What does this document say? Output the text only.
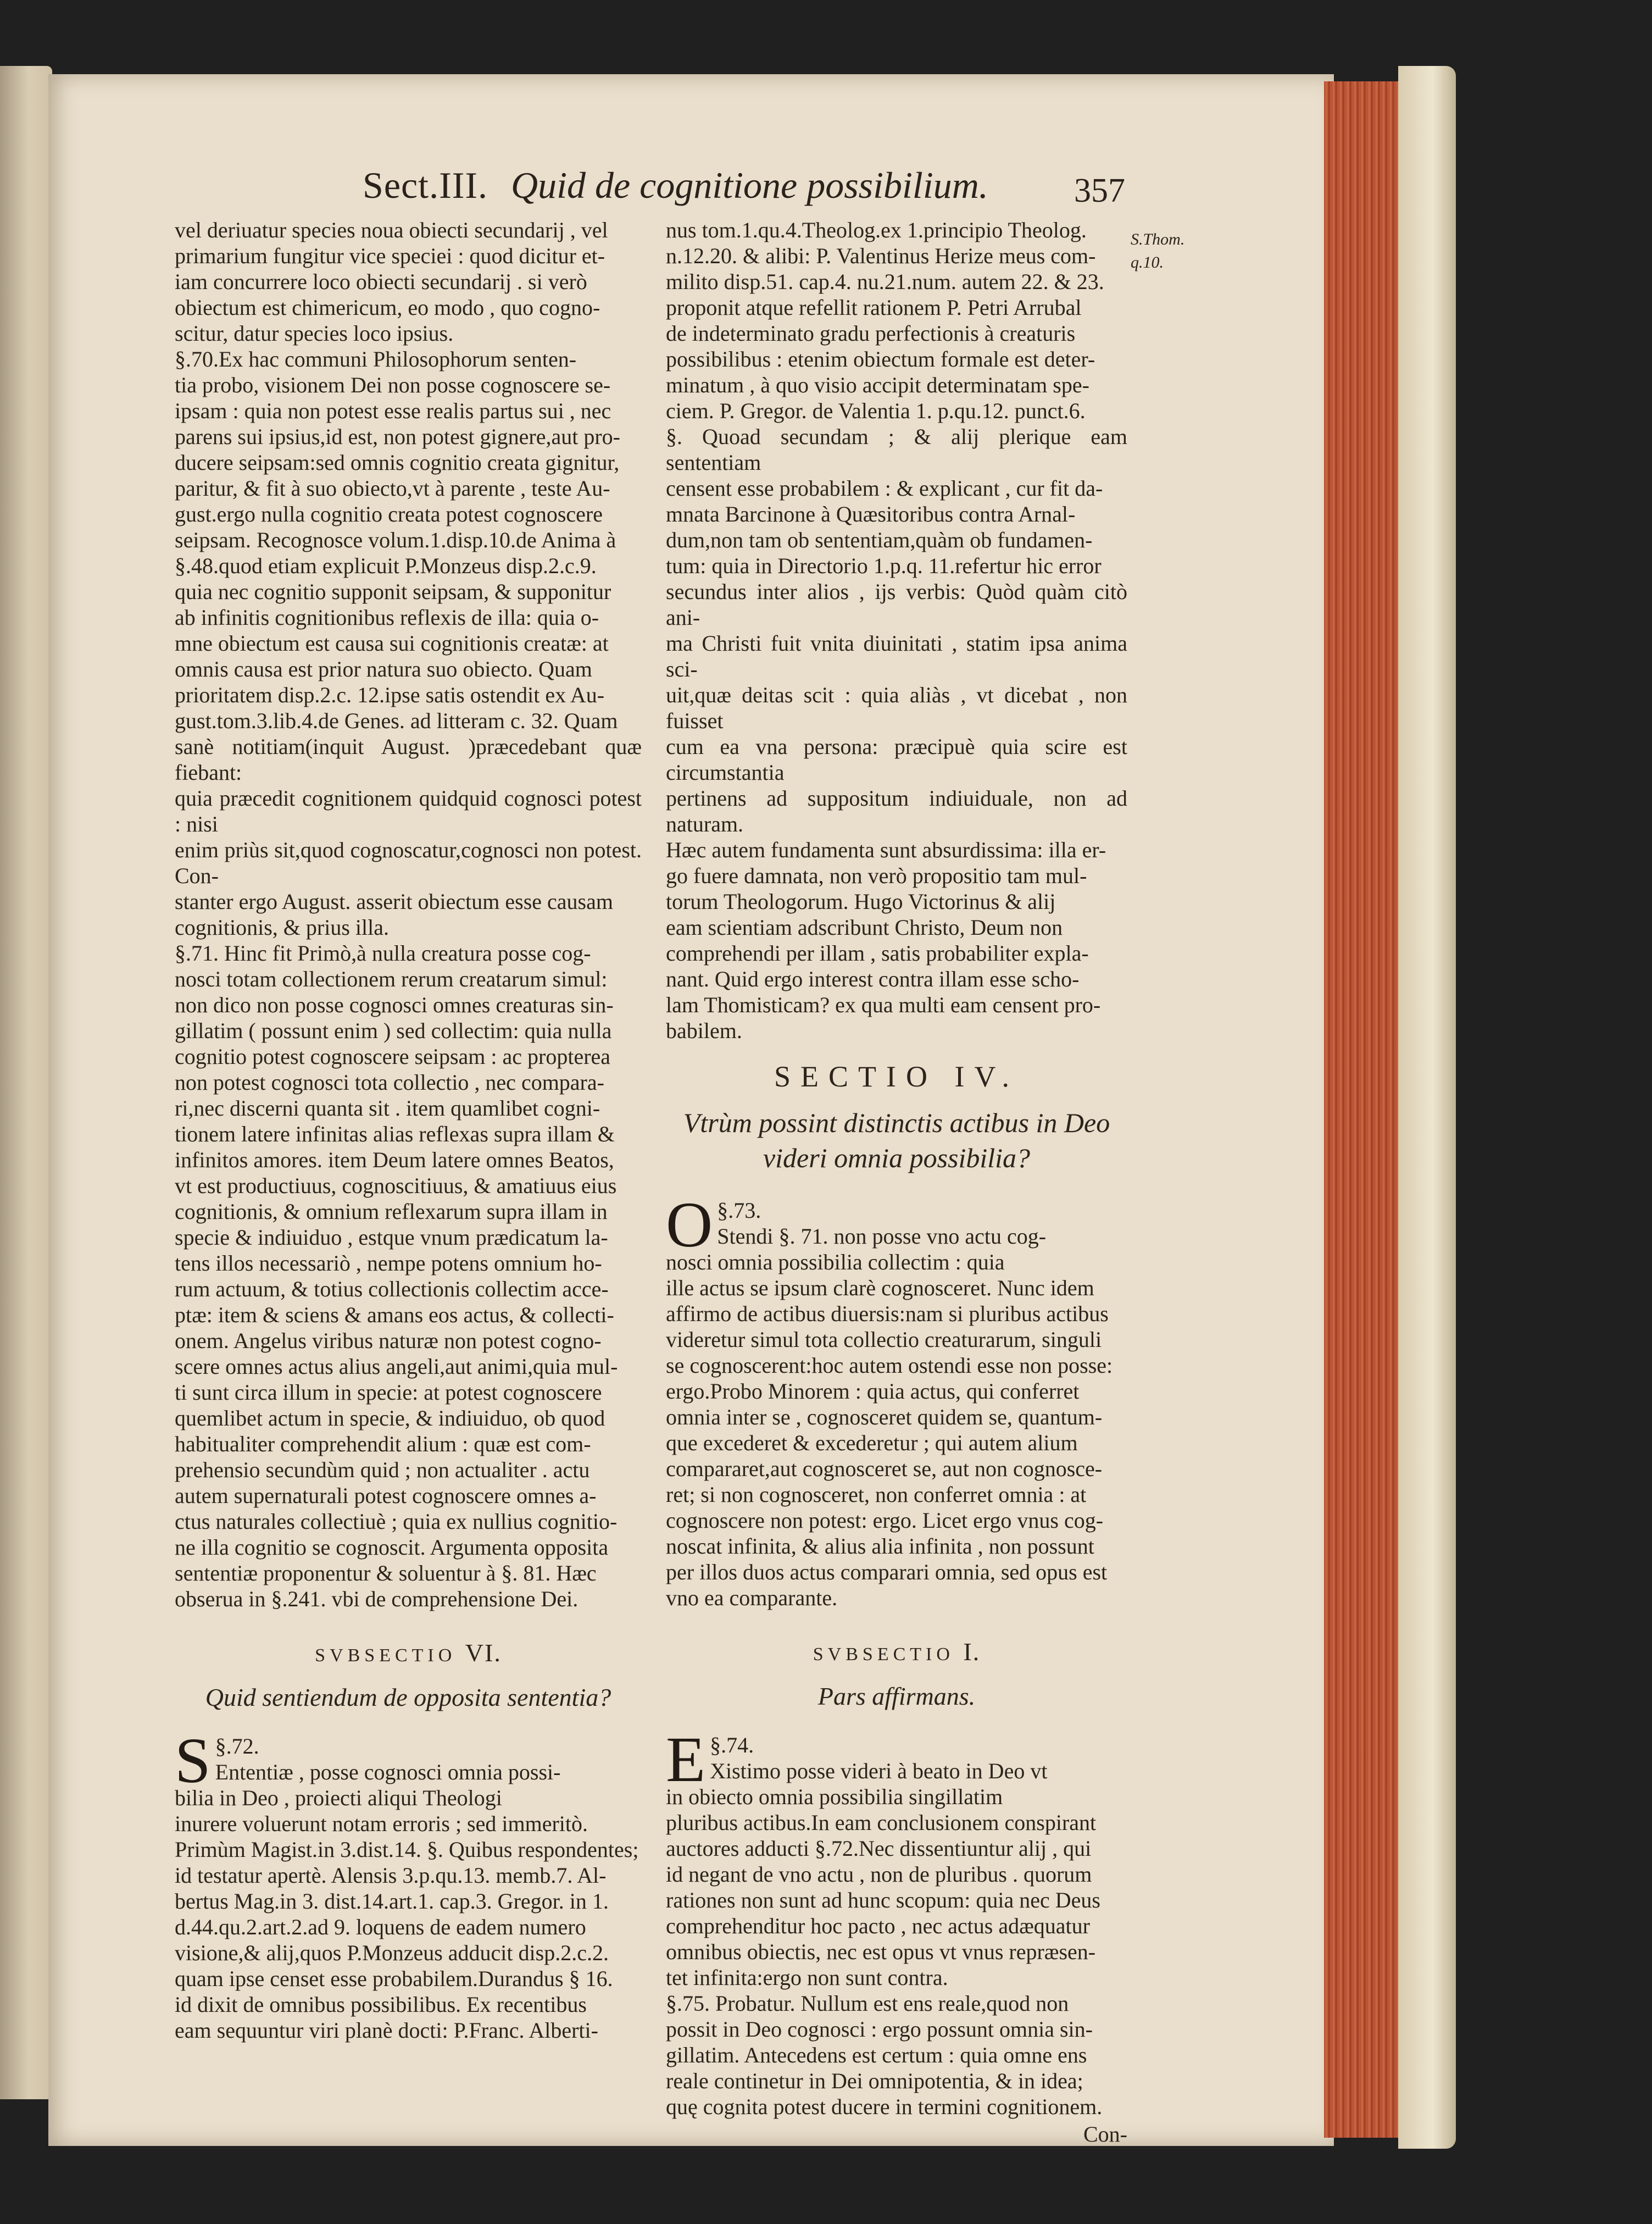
Sect.III. Quid de cognitione possibilium.	357

vel deriuatur species noua obiecti secundarij , vel

primarium fungitur vice speciei : quod dicitur et-

iam concurrere loco obiecti secundarij . si verò

obiectum est chimericum, eo modo , quo cogno-

scitur, datur species loco ipsius.

§.70.Ex hac communi Philosophorum senten-

tia probo, visionem Dei non posse cognoscere se-

ipsam : quia non potest esse realis partus sui , nec

parens sui ipsius,id est, non potest gignere,aut pro-

ducere seipsam:sed omnis cognitio creata gignitur,

paritur, & fit à suo obiecto,vt à parente , teste Au-

gust.ergo nulla cognitio creata potest cognoscere

seipsam. Recognosce volum.1.disp.10.de Anima à

§.48.quod etiam explicuit P.Monzeus disp.2.c.9.

quia nec cognitio supponit seipsam, & supponitur

ab infinitis cognitionibus reflexis de illa: quia o-

mne obiectum est causa sui cognitionis creatæ: at

omnis causa est prior natura suo obiecto. Quam

prioritatem disp.2.c. 12.ipse satis ostendit ex Au-

gust.tom.3.lib.4.de Genes. ad litteram c. 32. Quam

sanè notitiam(inquit August. )præcedebant quæ fiebant:

quia præcedit cognitionem quidquid cognosci potest : nisi

enim priùs sit,quod cognoscatur,cognosci non potest. Con-

stanter ergo August. asserit obiectum esse causam

cognitionis, & prius illa.

§.71. Hinc fit Primò,à nulla creatura posse cog-

nosci totam collectionem rerum creatarum simul:

non dico non posse cognosci omnes creaturas sin-

gillatim ( possunt enim ) sed collectim: quia nulla

cognitio potest cognoscere seipsam : ac propterea

non potest cognosci tota collectio , nec compara-

ri,nec discerni quanta sit . item quamlibet cogni-

tionem latere infinitas alias reflexas supra illam &

infinitos amores. item Deum latere omnes Beatos,

vt est productiuus, cognoscitiuus, & amatiuus eius

cognitionis, & omnium reflexarum supra illam in

specie & indiuiduo , estque vnum prædicatum la-

tens illos necessariò , nempe potens omnium ho-

rum actuum, & totius collectionis collectim acce-

ptæ: item & sciens & amans eos actus, & collecti-

onem. Angelus viribus naturæ non potest cogno-

scere omnes actus alius angeli,aut animi,quia mul-

ti sunt circa illum in specie: at potest cognoscere

quemlibet actum in specie, & indiuiduo, ob quod

habitualiter comprehendit alium : quæ est com-

prehensio secundùm quid ; non actualiter . actu

autem supernaturali potest cognoscere omnes a-

ctus naturales collectiuè ; quia ex nullius cognitio-

ne illa cognitio se cognoscit. Argumenta opposita

sententiæ proponentur & soluentur à §. 81. Hæc

obserua in §.241. vbi de comprehensione Dei.

SVBSECTIO VI.
Quid sentiendum de opposita sententia?

§.72.
S Ententiæ , posse cognosci omnia possi-

bilia in Deo , proiecti aliqui Theologi

inurere voluerunt notam erroris ; sed immeritò.

Primùm Magist.in 3.dist.14. §. Quibus respondentes;

id testatur apertè. Alensis 3.p.qu.13. memb.7. Al-

bertus Mag.in 3. dist.14.art.1. cap.3. Gregor. in 1.

d.44.qu.2.art.2.ad 9. loquens de eadem numero

visione,& alij,quos P.Monzeus adducit disp.2.c.2.

quam ipse censet esse probabilem.Durandus § 16.

id dixit de omnibus possibilibus. Ex recentibus

eam sequuntur viri planè docti: P.Franc. Alberti-

nus tom.1.qu.4.Theolog.ex 1.principio Theolog.

n.12.20. & alibi: P. Valentinus Herize meus com-

milito disp.51. cap.4. nu.21.num. autem 22. & 23.

proponit atque refellit rationem P. Petri Arrubal

de indeterminato gradu perfectionis à creaturis

possibilibus : etenim obiectum formale est deter-

minatum , à quo visio accipit determinatam spe-

ciem. P. Gregor. de Valentia 1. p.qu.12. punct.6.

§. Quoad secundam ; & alij plerique eam sententiam

censent esse probabilem : & explicant , cur fit da-

mnata Barcinone à Quæsitoribus contra Arnal-

dum,non tam ob sententiam,quàm ob fundamen-

tum: quia in Directorio 1.p.q. 11.refertur hic error

secundus inter alios , ijs verbis: Quòd quàm citò ani-

ma Christi fuit vnita diuinitati , statim ipsa anima sci-

uit,quæ deitas scit : quia aliàs , vt dicebat , non fuisset

cum ea vna persona: præcipuè quia scire est circumstantia

pertinens ad suppositum indiuiduale, non ad naturam.

Hæc autem fundamenta sunt absurdissima: illa er-

go fuere damnata, non verò propositio tam mul-

torum Theologorum. Hugo Victorinus & alij

eam scientiam adscribunt Christo, Deum non

comprehendi per illam , satis probabiliter expla-

nant. Quid ergo interest contra illam esse scho-

lam Thomisticam? ex qua multi eam censent pro-

babilem.

SECTIO IV.
Vtrùm possint distinctis actibus in Deo
videri omnia possibilia?

§.73.
O Stendi §. 71. non posse vno actu cog-

nosci omnia possibilia collectim : quia

ille actus se ipsum clarè cognosceret. Nunc idem

affirmo de actibus diuersis:nam si pluribus actibus

videretur simul tota collectio creaturarum, singuli

se cognoscerent:hoc autem ostendi esse non posse:

ergo.Probo Minorem : quia actus, qui conferret

omnia inter se , cognosceret quidem se, quantum-

que excederet & excederetur ; qui autem alium

compararet,aut cognosceret se, aut non cognosce-

ret; si non cognosceret, non conferret omnia : at

cognoscere non potest: ergo. Licet ergo vnus cog-

noscat infinita, & alius alia infinita , non possunt

per illos duos actus comparari omnia, sed opus est

vno ea comparante.

SVBSECTIO I.
Pars affirmans.

§.74.
E Xistimo posse videri à beato in Deo vt

in obiecto omnia possibilia singillatim

pluribus actibus.In eam conclusionem conspirant

auctores adducti §.72.Nec dissentiuntur alij , qui

id negant de vno actu , non de pluribus . quorum

rationes non sunt ad hunc scopum: quia nec Deus

comprehenditur hoc pacto , nec actus adæquatur

omnibus obiectis, nec est opus vt vnus repræsen-

tet infinita:ergo non sunt contra.

§.75. Probatur. Nullum est ens reale,quod non

possit in Deo cognosci : ergo possunt omnia sin-

gillatim. Antecedens est certum : quia omne ens

reale continetur in Dei omnipotentia, & in idea;

quę cognita potest ducere in termini cognitionem.

Con-
S.Thom.
q.10.
